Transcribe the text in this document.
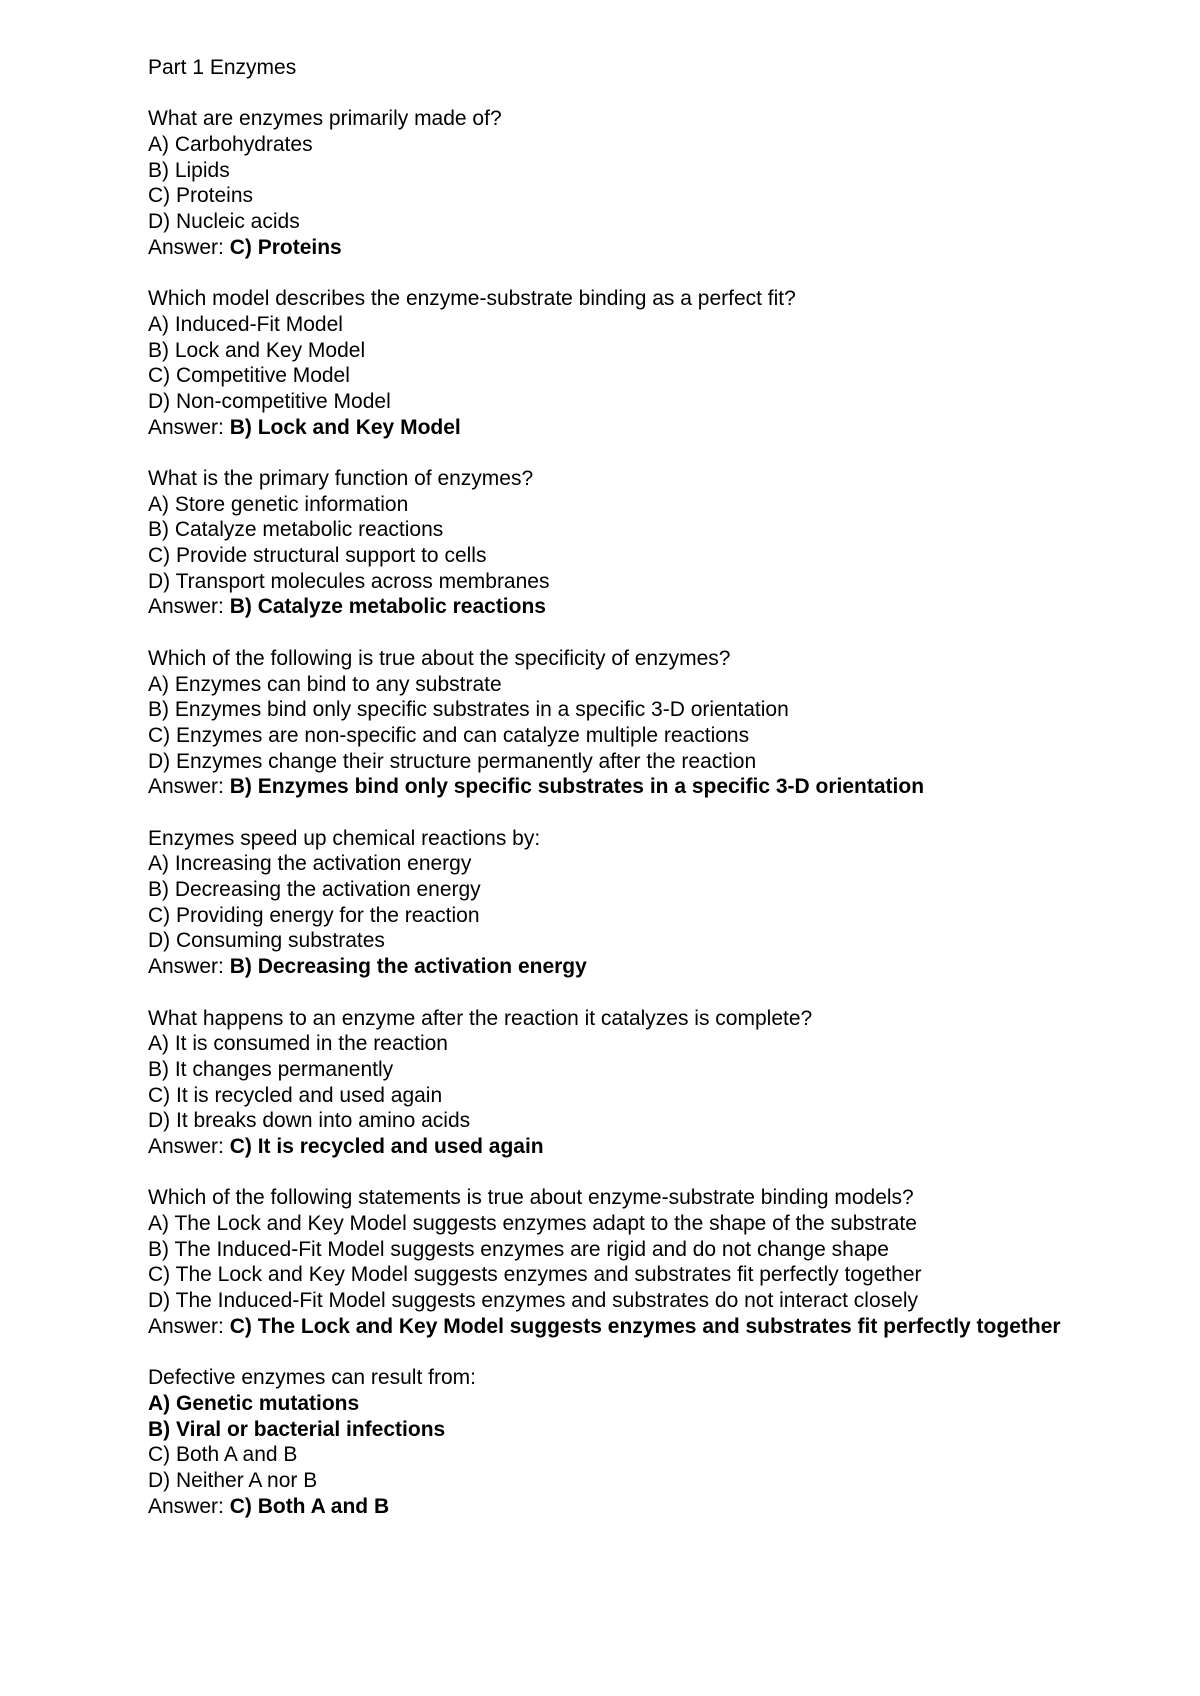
Part 1 Enzymes
What are enzymes primarily made of?
A) Carbohydrates
B) Lipids
C) Proteins
D) Nucleic acids
Answer: C) Proteins
Which model describes the enzyme-substrate binding as a perfect fit?
A) Induced-Fit Model
B) Lock and Key Model
C) Competitive Model
D) Non-competitive Model
Answer: B) Lock and Key Model
What is the primary function of enzymes?
A) Store genetic information
B) Catalyze metabolic reactions
C) Provide structural support to cells
D) Transport molecules across membranes
Answer: B) Catalyze metabolic reactions
Which of the following is true about the specificity of enzymes?
A) Enzymes can bind to any substrate
B) Enzymes bind only specific substrates in a specific 3-D orientation
C) Enzymes are non-specific and can catalyze multiple reactions
D) Enzymes change their structure permanently after the reaction
Answer: B) Enzymes bind only specific substrates in a specific 3-D orientation
Enzymes speed up chemical reactions by:
A) Increasing the activation energy
B) Decreasing the activation energy
C) Providing energy for the reaction
D) Consuming substrates
Answer: B) Decreasing the activation energy
What happens to an enzyme after the reaction it catalyzes is complete?
A) It is consumed in the reaction
B) It changes permanently
C) It is recycled and used again
D) It breaks down into amino acids
Answer: C) It is recycled and used again
Which of the following statements is true about enzyme-substrate binding models?
A) The Lock and Key Model suggests enzymes adapt to the shape of the substrate
B) The Induced-Fit Model suggests enzymes are rigid and do not change shape
C) The Lock and Key Model suggests enzymes and substrates fit perfectly together
D) The Induced-Fit Model suggests enzymes and substrates do not interact closely
Answer: C) The Lock and Key Model suggests enzymes and substrates fit perfectly together
Defective enzymes can result from:
A) Genetic mutations
B) Viral or bacterial infections
C) Both A and B
D) Neither A nor B
Answer: C) Both A and B
